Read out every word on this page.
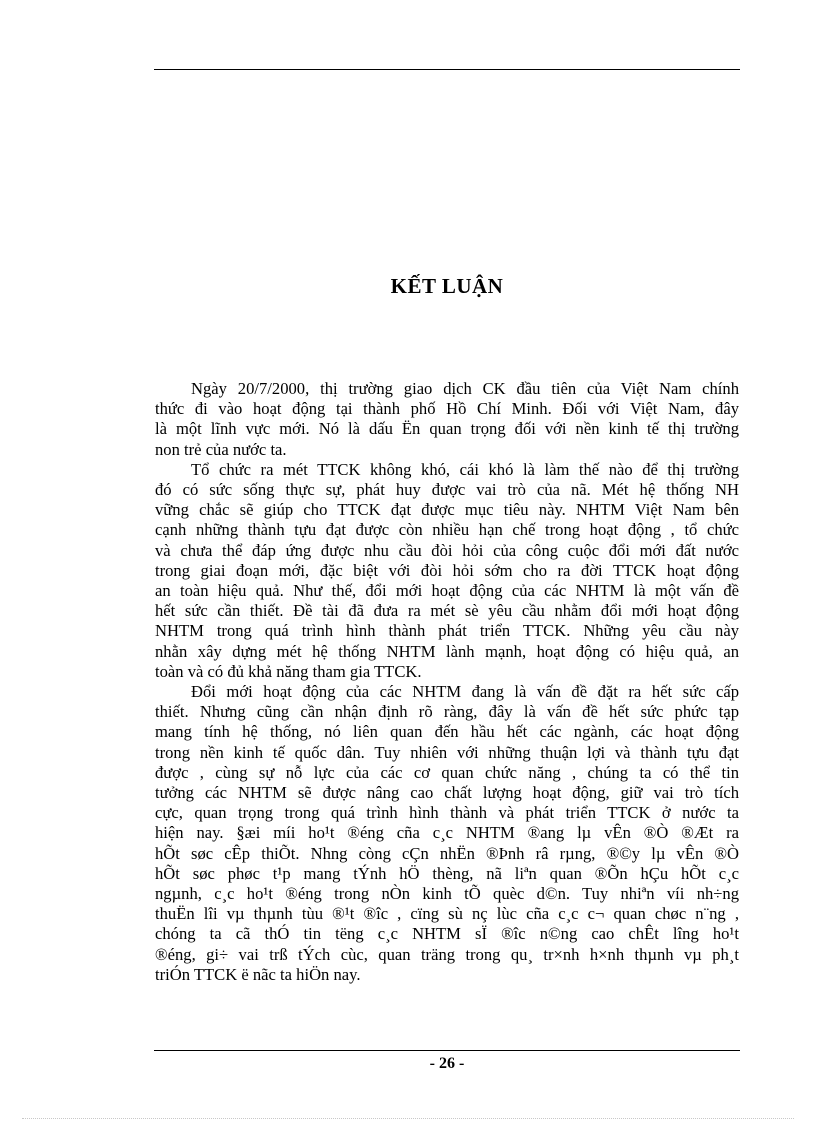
KẾT LUẬN

Ngày 20/7/2000, thị trường giao dịch CK đầu tiên của Việt Nam chính
thức đi vào hoạt động tại thành phố Hồ Chí Minh. Đối với Việt Nam, đây
là một lĩnh vực mới. Nó là dấu Ën quan trọng đối với nền kinh tế thị trường
non trẻ của nước ta.

Tổ chức ra mét TTCK không khó, cái khó là làm thế nào để thị trường
đó có sức sống thực sự, phát huy được vai trò của nã. Mét hệ thống NH
vững chắc sẽ giúp cho TTCK đạt được mục tiêu này. NHTM Việt Nam bên
cạnh những thành tựu đạt được còn nhiều hạn chế trong hoạt động , tổ chức
và chưa thể đáp ứng được nhu cầu đòi hỏi của công cuộc đổi mới đất nước
trong giai đoạn mới, đặc biệt với đòi hỏi sớm cho ra đời TTCK hoạt động
an toàn hiệu quả. Như thế, đổi mới hoạt động của các NHTM là một vấn đề
hết sức cần thiết. Đề tài đã đưa ra mét sè yêu cầu nhằm đổi mới hoạt động
NHTM trong quá trình hình thành phát triển TTCK. Những yêu cầu này
nhằn xây dựng mét hệ thống NHTM lành mạnh, hoạt động có hiệu quả, an
toàn và có đủ khả năng tham gia TTCK.

Đổi mới hoạt động của các NHTM đang là vấn đề đặt ra hết sức cấp
thiết. Nhưng cũng cần nhận định rõ ràng, đây là vấn đề hết sức phức tạp
mang tính hệ thống, nó liên quan đến hầu hết các ngành, các hoạt động
trong nền kinh tế quốc dân. Tuy nhiên với những thuận lợi và thành tựu đạt
được , cùng sự nỗ lực của các cơ quan chức năng , chúng ta có thể tin
tưởng các NHTM sẽ được nâng cao chất lượng hoạt động, giữ vai trò tích
cực, quan trọng trong quá trình hình thành và phát triển TTCK ở nước ta
hiện nay. §æi míi ho¹t ®éng cña c¸c NHTM ®ang lµ vÊn ®Ò ®Æt ra
hÕt søc cÊp thiÕt. Nhng còng cÇn nhËn ®Þnh râ rµng, ®©y lµ vÊn ®Ò
hÕt søc phøc t¹p mang tÝnh hÖ thèng, nã liªn quan ®Õn hÇu hÕt c¸c
ngµnh, c¸c ho¹t ®éng trong nÒn kinh tÕ quèc d©n. Tuy nhiªn víi nh÷ng
thuËn lîi vµ thµnh tùu ®¹t ®îc , cïng sù nç lùc cña c¸c c¬ quan chøc n¨ng ,
chóng ta cã thÓ tin tëng c¸c NHTM sÏ ®îc n©ng cao chÊt lîng ho¹t
®éng, gi÷ vai trß tÝch cùc, quan träng trong qu¸ tr×nh h×nh thµnh vµ ph¸t
triÓn TTCK ë nãc ta hiÖn nay.

- 26 -
